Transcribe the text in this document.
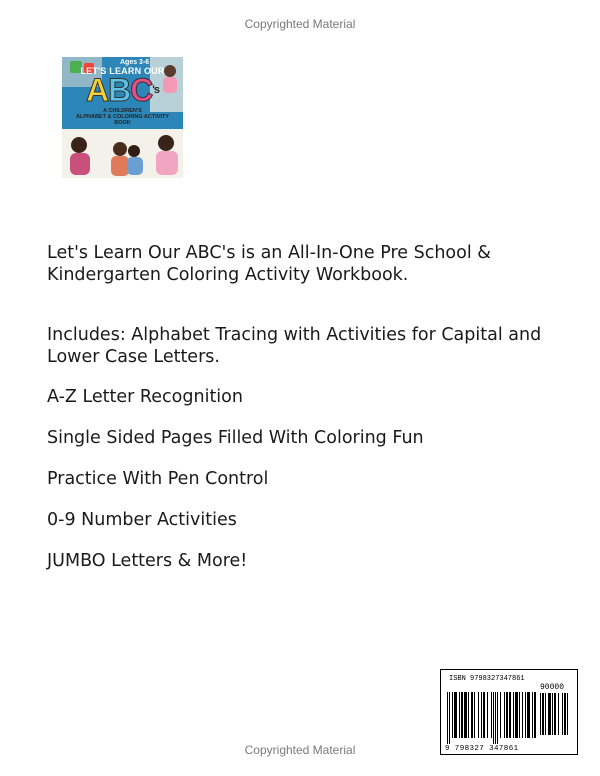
Copyrighted Material
Ages 3-6
LET'S LEARN OUR
$ABC^{'s}$
A CHILDREN'S
ALPHABET & COLORING ACTIVITY
BOOK
Let's Learn Our ABC's is an All-In-One Pre School & Kindergarten Coloring Activity Workbook.
Includes: Alphabet Tracing with Activities for Capital and Lower Case Letters.
A-Z Letter Recognition
Single Sided Pages Filled With Coloring Fun
Practice With Pen Control
0-9 Number Activities
JUMBO Letters & More!
ISBN 9798327347861
90000
9 798327 347861
Copyrighted Material
